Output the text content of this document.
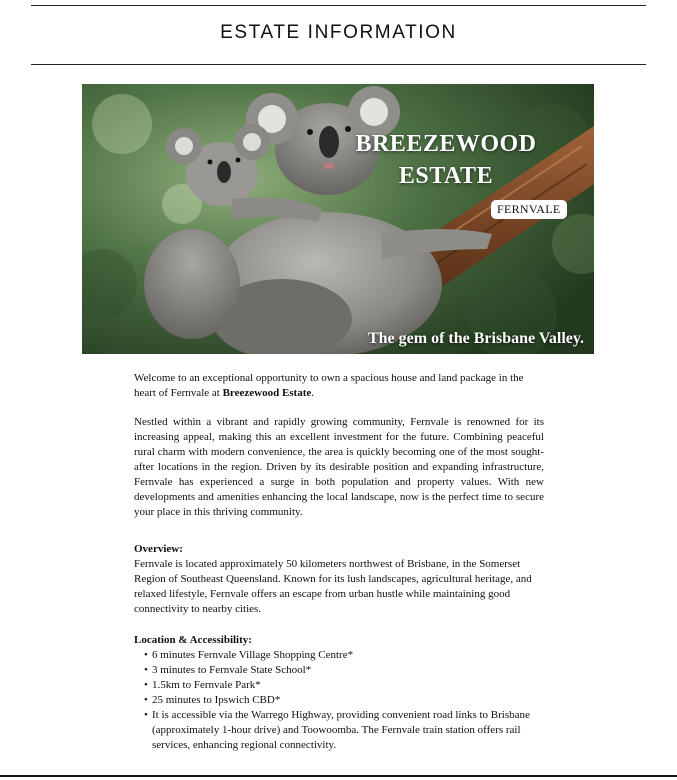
ESTATE INFORMATION
BREEZEWOOD
ESTATE
FERNVALE
The gem of the Brisbane Valley.

Welcome to an exceptional opportunity to own a spacious house and land package in the heart of Fernvale at Breezewood Estate.

Nestled within a vibrant and rapidly growing community, Fernvale is renowned for its increasing appeal, making this an excellent investment for the future. Combining peaceful rural charm with modern convenience, the area is quickly becoming one of the most sought-after locations in the region. Driven by its desirable position and expanding infrastructure, Fernvale has experienced a surge in both population and property values. With new developments and amenities enhancing the local landscape, now is the perfect time to secure your place in this thriving community.

Overview:

Fernvale is located approximately 50 kilometers northwest of Brisbane, in the Somerset Region of Southeast Queensland. Known for its lush landscapes, agricultural heritage, and relaxed lifestyle, Fernvale offers an escape from urban hustle while maintaining good connectivity to nearby cities.

Location & Accessibility:

• 6 minutes Fernvale Village Shopping Centre*
• 3 minutes to Fernvale State School*
• 1.5km to Fernvale Park*
• 25 minutes to Ipswich CBD*
• It is accessible via the Warrego Highway, providing convenient road links to Brisbane (approximately 1-hour drive) and Toowoomba. The Fernvale train station offers rail services, enhancing regional connectivity.
